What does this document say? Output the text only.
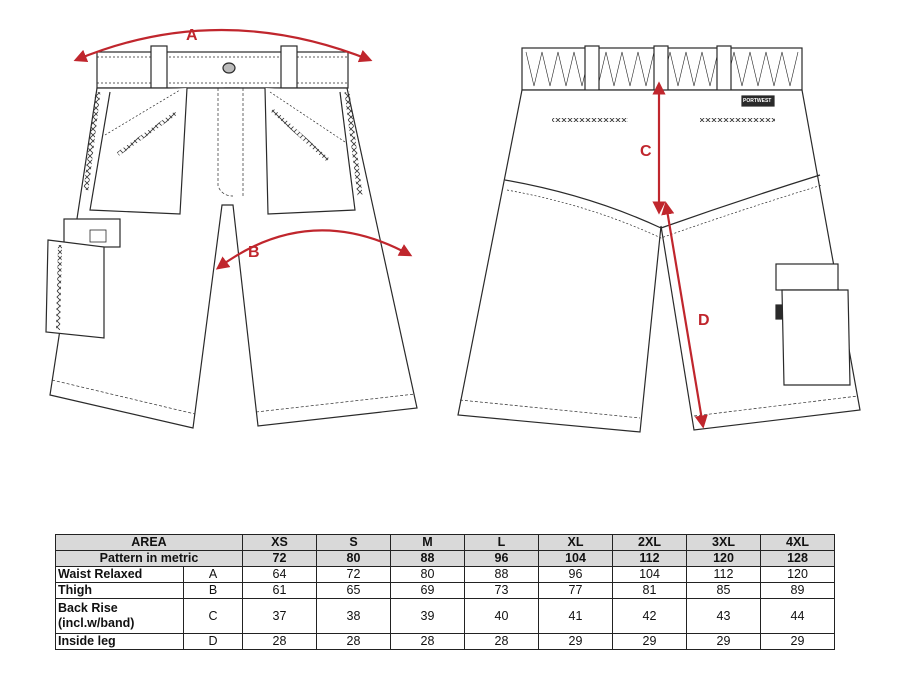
A
B
C
D
PORTWEST
AREA		XS	S	M	L	XL	2XL	3XL	4XL
Pattern in metric		72	80	88	96	104	112	120	128
Waist Relaxed	A	64	72	80	88	96	104	112	120
Thigh	B	61	65	69	73	77	81	85	89

Back Rise
(incl.w/band)	C	37	38	39	40	41	42	43	44
Inside leg	D	28	28	28	28	29	29	29	29
